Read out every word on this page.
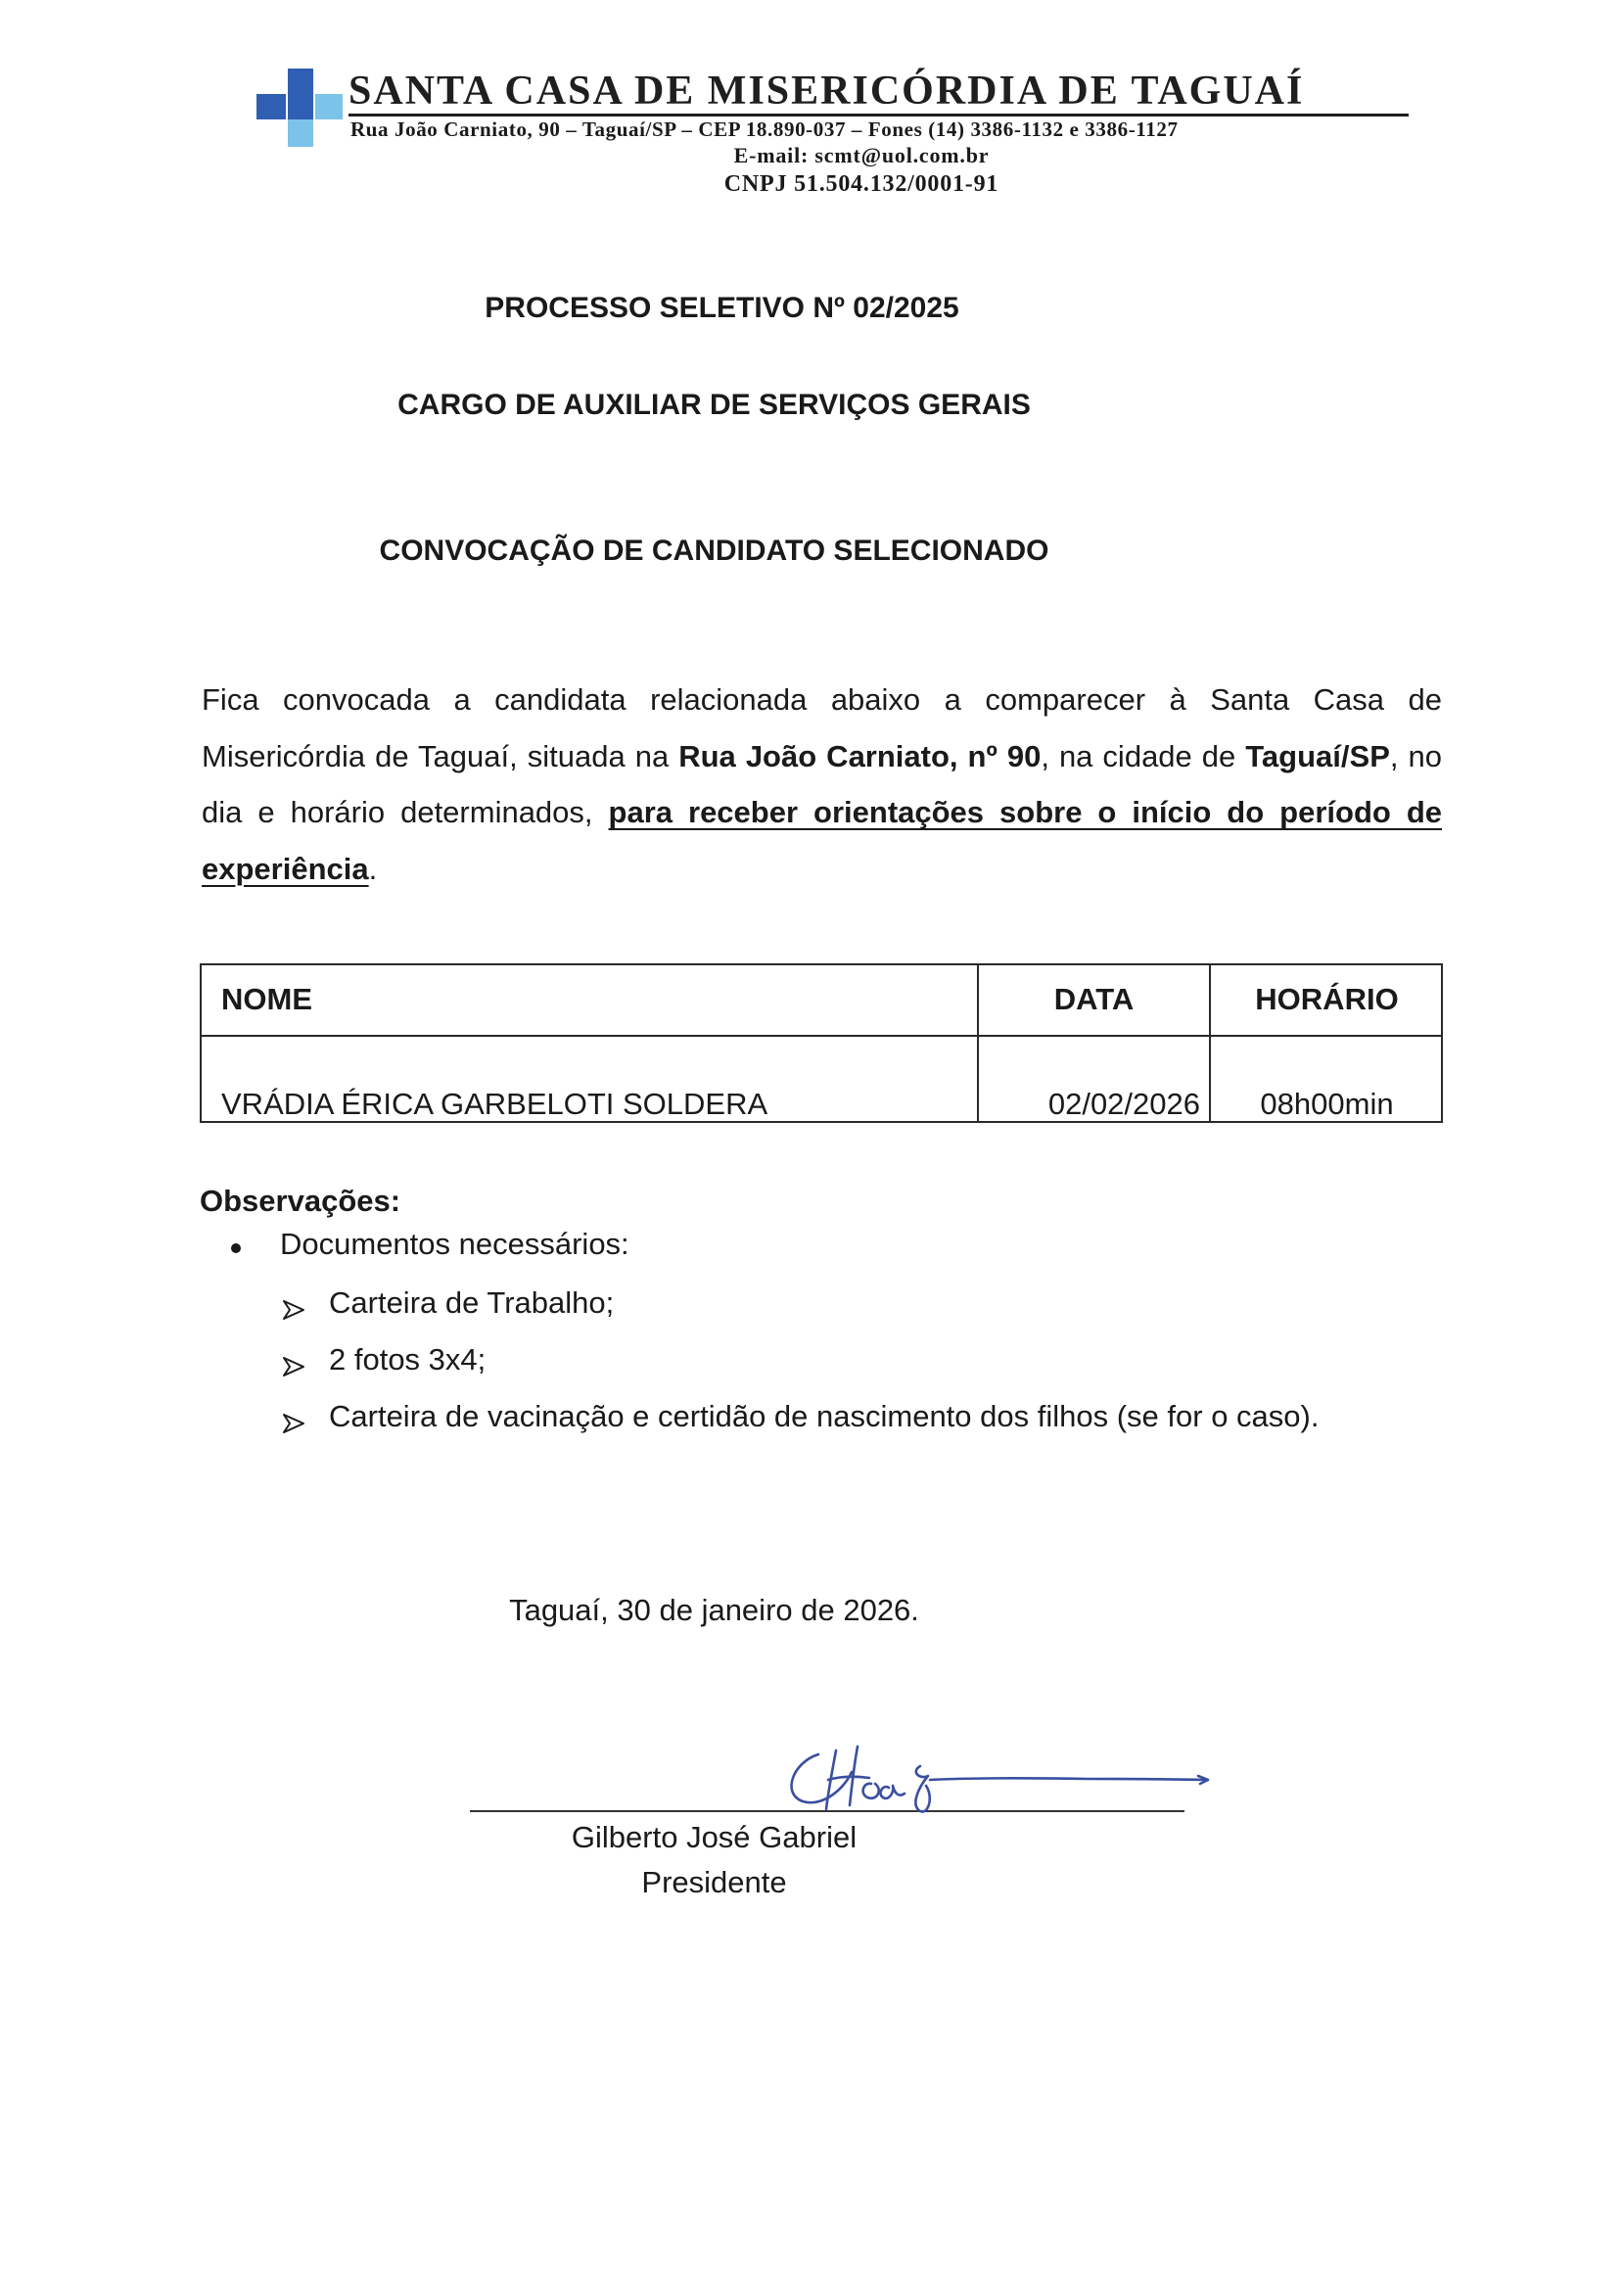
SANTA CASA DE MISERICÓRDIA DE TAGUAÍ
Rua João Carniato, 90 – Taguaí/SP – CEP 18.890-037 – Fones (14) 3386-1132 e 3386-1127
E-mail: scmt@uol.com.br
CNPJ 51.504.132/0001-91
PROCESSO SELETIVO Nº 02/2025
CARGO DE AUXILIAR DE SERVIÇOS GERAIS
CONVOCAÇÃO DE CANDIDATO SELECIONADO
Fica convocada a candidata relacionada abaixo a comparecer à Santa Casa de Misericórdia de Taguaí, situada na Rua João Carniato, nº 90, na cidade de Taguaí/SP, no dia e horário determinados, para receber orientações sobre o início do período de experiência.
NOME	DATA	HORÁRIO
VRÁDIA ÉRICA GARBELOTI SOLDERA	02/02/2026	08h00min
Observações:
Documentos necessários:
Carteira de Trabalho;
2 fotos 3x4;
Carteira de vacinação e certidão de nascimento dos filhos (se for o caso).
Taguaí, 30 de janeiro de 2026.
Gilberto José Gabriel
Presidente
